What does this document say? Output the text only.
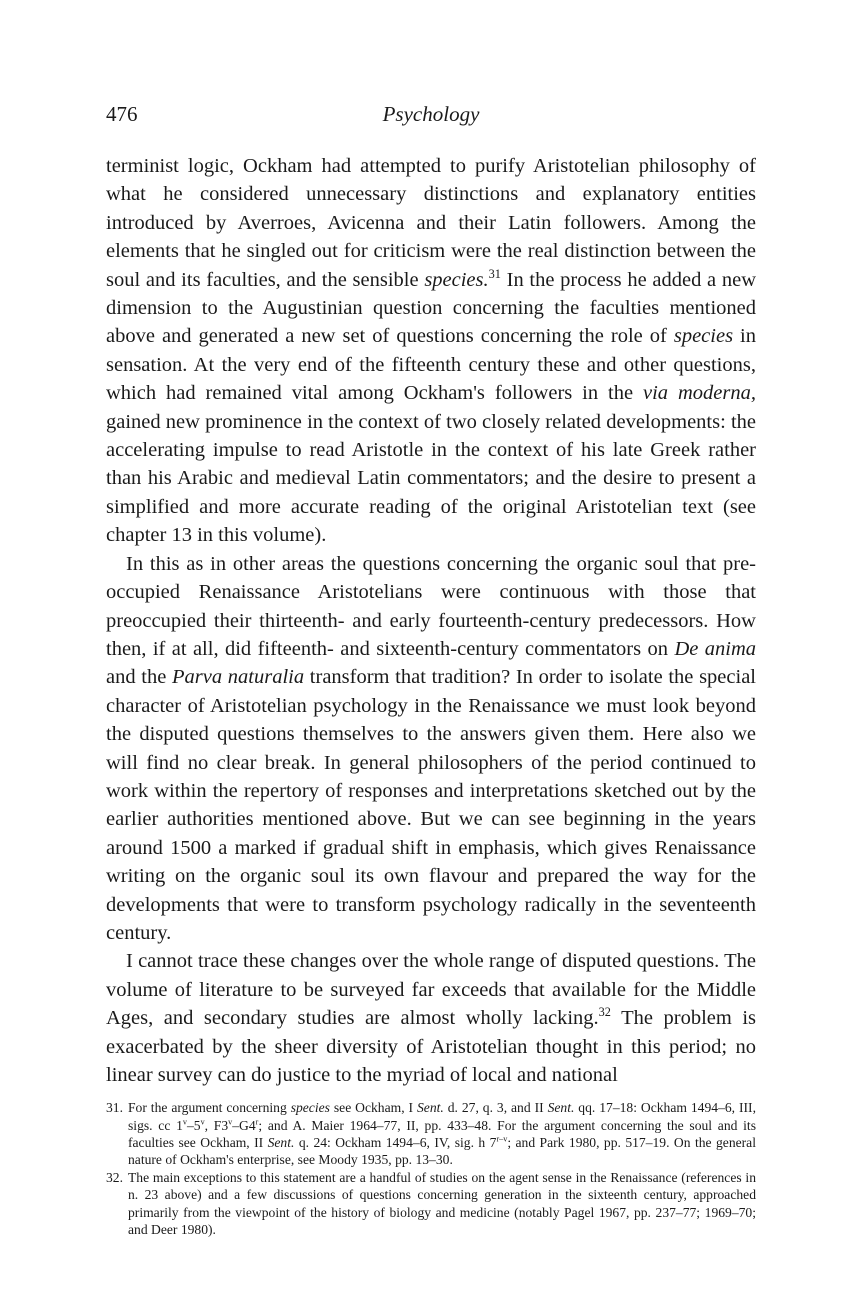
476	Psychology

terminist logic, Ockham had attempted to purify Aristotelian philosophy of what he considered unnecessary distinctions and explanatory entities introduced by Averroes, Avicenna and their Latin followers. Among the elements that he singled out for criticism were the real distinction between the soul and its faculties, and the sensible species.$^{31}$ In the process he added a new dimension to the Augustinian question concerning the faculties mentioned above and generated a new set of questions concerning the role of species in sensation. At the very end of the fifteenth century these and other questions, which had remained vital among Ockham's followers in the via moderna, gained new prominence in the context of two closely related developments: the accelerating impulse to read Aristotle in the context of his late Greek rather than his Arabic and medieval Latin commentators; and the desire to present a simplified and more accurate reading of the original Aristotelian text (see chapter 13 in this volume).

In this as in other areas the questions concerning the organic soul that pre-occupied Renaissance Aristotelians were continuous with those that preoccupied their thirteenth- and early fourteenth-century predecessors. How then, if at all, did fifteenth- and sixteenth-century commentators on De anima and the Parva naturalia transform that tradition? In order to isolate the special character of Aristotelian psychology in the Renaissance we must look beyond the disputed questions themselves to the answers given them. Here also we will find no clear break. In general philosophers of the period continued to work within the repertory of responses and interpretations sketched out by the earlier authorities mentioned above. But we can see beginning in the years around 1500 a marked if gradual shift in emphasis, which gives Renaissance writing on the organic soul its own flavour and prepared the way for the developments that were to transform psychology radically in the seventeenth century.

I cannot trace these changes over the whole range of disputed questions. The volume of literature to be surveyed far exceeds that available for the Middle Ages, and secondary studies are almost wholly lacking.$^{32}$ The problem is exacerbated by the sheer diversity of Aristotelian thought in this period; no linear survey can do justice to the myriad of local and national

31. For the argument concerning species see Ockham, I Sent. d. 27, q. 3, and II Sent. qq. 17–18: Ockham 1494–6, III, sigs. cc 1$^v$–5$^v$, F3$^v$–G4$^r$; and A. Maier 1964–77, II, pp. 433–48. For the argument concerning the soul and its faculties see Ockham, II Sent. q. 24: Ockham 1494–6, IV, sig. h 7$^{r-v}$; and Park 1980, pp. 517–19. On the general nature of Ockham's enterprise, see Moody 1935, pp. 13–30.
32. The main exceptions to this statement are a handful of studies on the agent sense in the Renaissance (references in n. 23 above) and a few discussions of questions concerning generation in the sixteenth century, approached primarily from the viewpoint of the history of biology and medicine (notably Pagel 1967, pp. 237–77; 1969–70; and Deer 1980).
